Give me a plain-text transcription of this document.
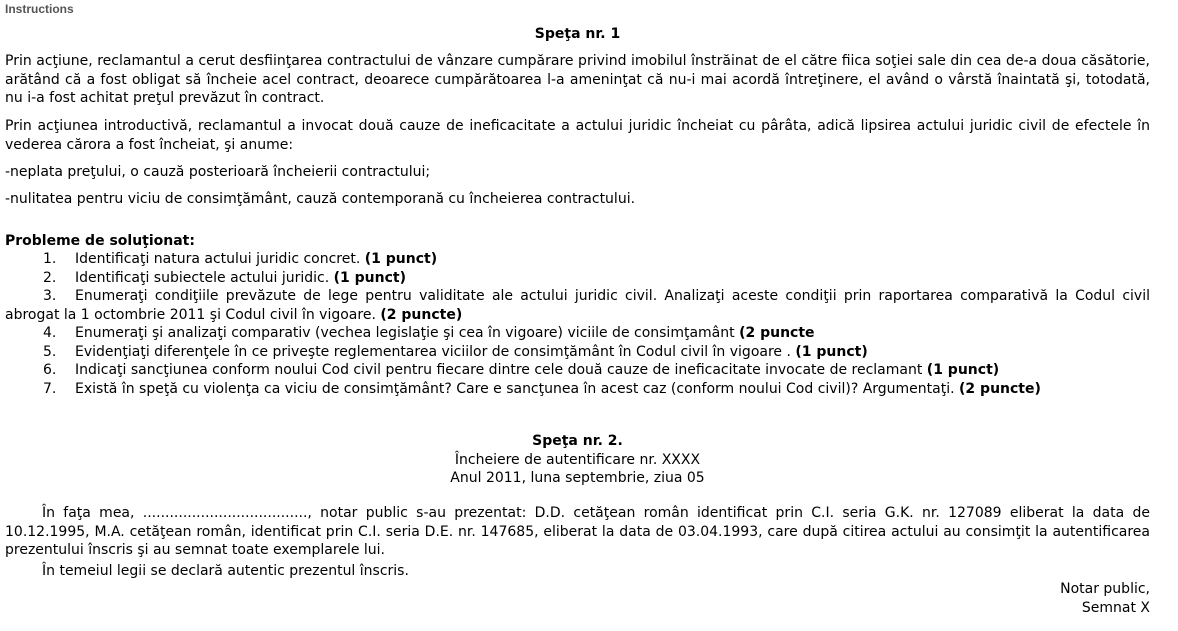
Instructions

Speţa nr. 1

Prin acţiune, reclamantul a cerut desfiinţarea contractului de vânzare cumpărare privind imobilul înstrăinat de el către fiica soţiei sale din cea de-a doua căsătorie, arătând că a fost obligat să încheie acel contract, deoarece cumpărătoarea l-a ameninţat că nu-i mai acordă întreţinere, el având o vârstă înaintată şi, totodată, nu i-a fost achitat preţul prevăzut în contract.

Prin acţiunea introductivă, reclamantul a invocat două cauze de ineficacitate a actului juridic încheiat cu pârâta, adică lipsirea actului juridic civil de efectele în vederea cărora a fost încheiat, şi anume:

-neplata preţului, o cauză posterioară încheierii contractului;

-nulitatea pentru viciu de consimţământ, cauză contemporană cu încheierea contractului.

Probleme de soluţionat:

1. Identificaţi natura actului juridic concret. (1 punct)
2. Identificaţi subiectele actului juridic. (1 punct)
3. Enumeraţi condiţiile prevăzute de lege pentru validitate ale actului juridic civil. Analizaţi aceste condiţii prin raportarea comparativă la Codul civil abrogat la 1 octombrie 2011 şi Codul civil în vigoare. (2 puncte)
4. Enumeraţi şi analizaţi comparativ (vechea legislaţie şi cea în vigoare) viciile de consimţamânt (2 puncte
5. Evidenţiaţi diferenţele în ce priveşte reglementarea viciilor de consimţământ în Codul civil în vigoare . (1 punct)
6. Indicaţi sancţiunea conform noului Cod civil pentru fiecare dintre cele două cauze de ineficacitate invocate de reclamant (1 punct)
7. Există în speţă cu violenţa ca viciu de consimţământ? Care e sancţunea în acest caz (conform noului Cod civil)? Argumentaţi. (2 puncte)

Speţa nr. 2.

Încheiere de autentificare nr. XXXX

Anul 2011, luna septembrie, ziua 05

În faţa mea, ....................................., notar public s-au prezentat: D.D. cetăţean român identificat prin C.I. seria G.K. nr. 127089 eliberat la data de 10.12.1995, M.A. cetăţean român, identificat prin C.I. seria D.E. nr. 147685, eliberat la data de 03.04.1993, care după citirea actului au consimţit la autentificarea prezentului înscris şi au semnat toate exemplarele lui.

În temeiul legii se declară autentic prezentul înscris.

Notar public,

Semnat X
